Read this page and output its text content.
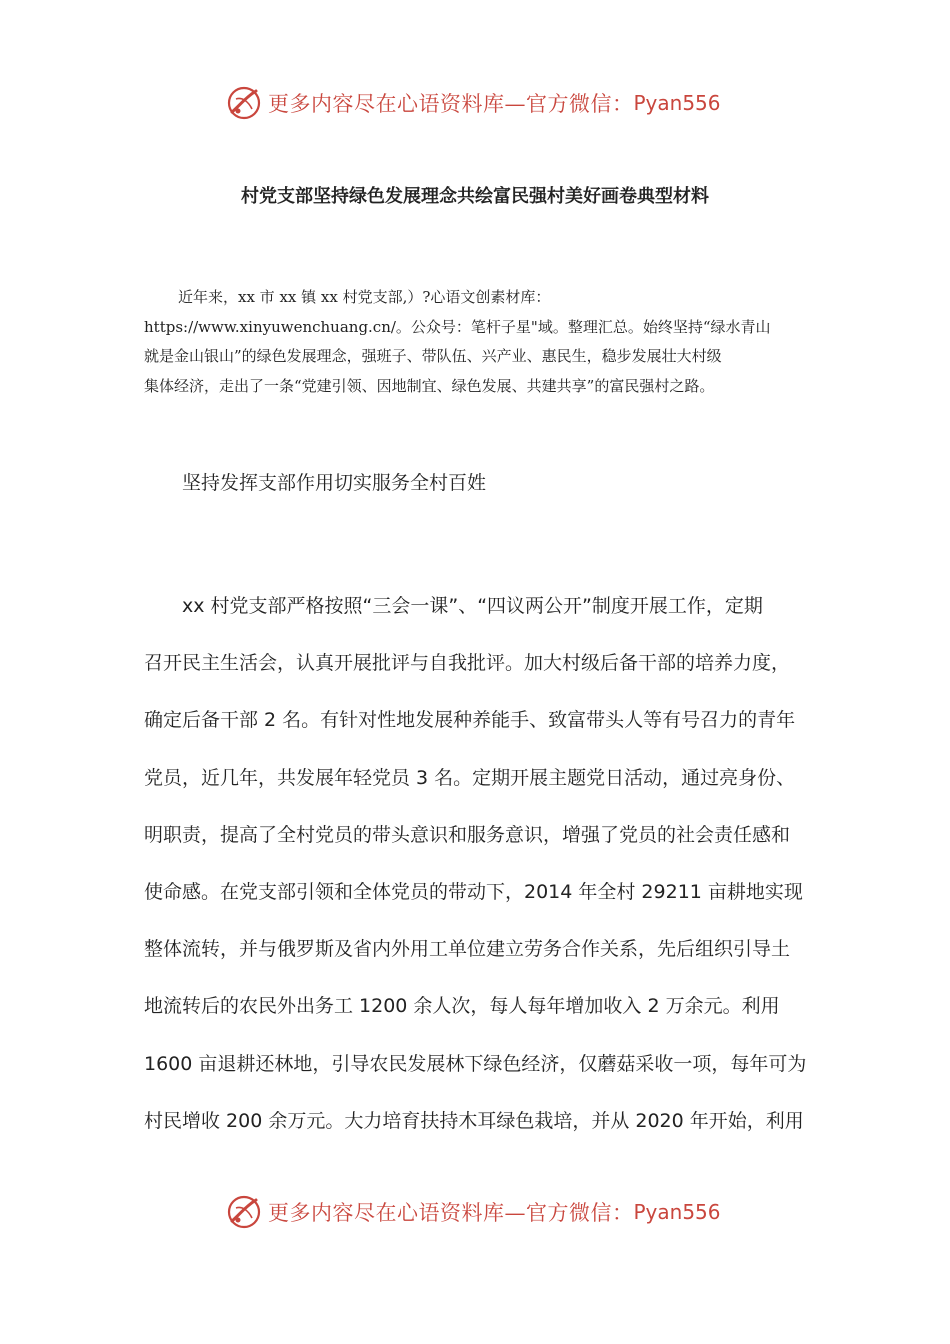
更多内容尽在心语资料库—官方微信： Pyan556
村党支部坚持绿色发展理念共绘富民强村美好画卷典型材料

近年来，xx 市 xx 镇 xx 村党支部,）?心语文创素材库：

https://www.xinyuwenchuang.cn/。公众号：笔杆子星"域。整理汇总。始终坚持“绿水青山

就是金山银山”的绿色发展理念，强班子、带队伍、兴产业、惠民生，稳步发展壮大村级

集体经济，走出了一条“党建引领、因地制宜、绿色发展、共建共享”的富民强村之路。

坚持发挥支部作用切实服务全村百姓
xx 村党支部严格按照“三会一课”、“四议两公开”制度开展工作，定期
召开民主生活会，认真开展批评与自我批评。加大村级后备干部的培养力度，
确定后备干部 2 名。有针对性地发展种养能手、致富带头人等有号召力的青年
党员，近几年，共发展年轻党员 3 名。定期开展主题党日活动，通过亮身份、
明职责，提高了全村党员的带头意识和服务意识，增强了党员的社会责任感和
使命感。在党支部引领和全体党员的带动下，2014 年全村 29211 亩耕地实现
整体流转，并与俄罗斯及省内外用工单位建立劳务合作关系，先后组织引导土
地流转后的农民外出务工 1200 余人次，每人每年增加收入 2 万余元。利用
1600 亩退耕还林地，引导农民发展林下绿色经济，仅蘑菇采收一项，每年可为
村民增收 200 余万元。大力培育扶持木耳绿色栽培，并从 2020 年开始，利用
更多内容尽在心语资料库—官方微信： Pyan556
